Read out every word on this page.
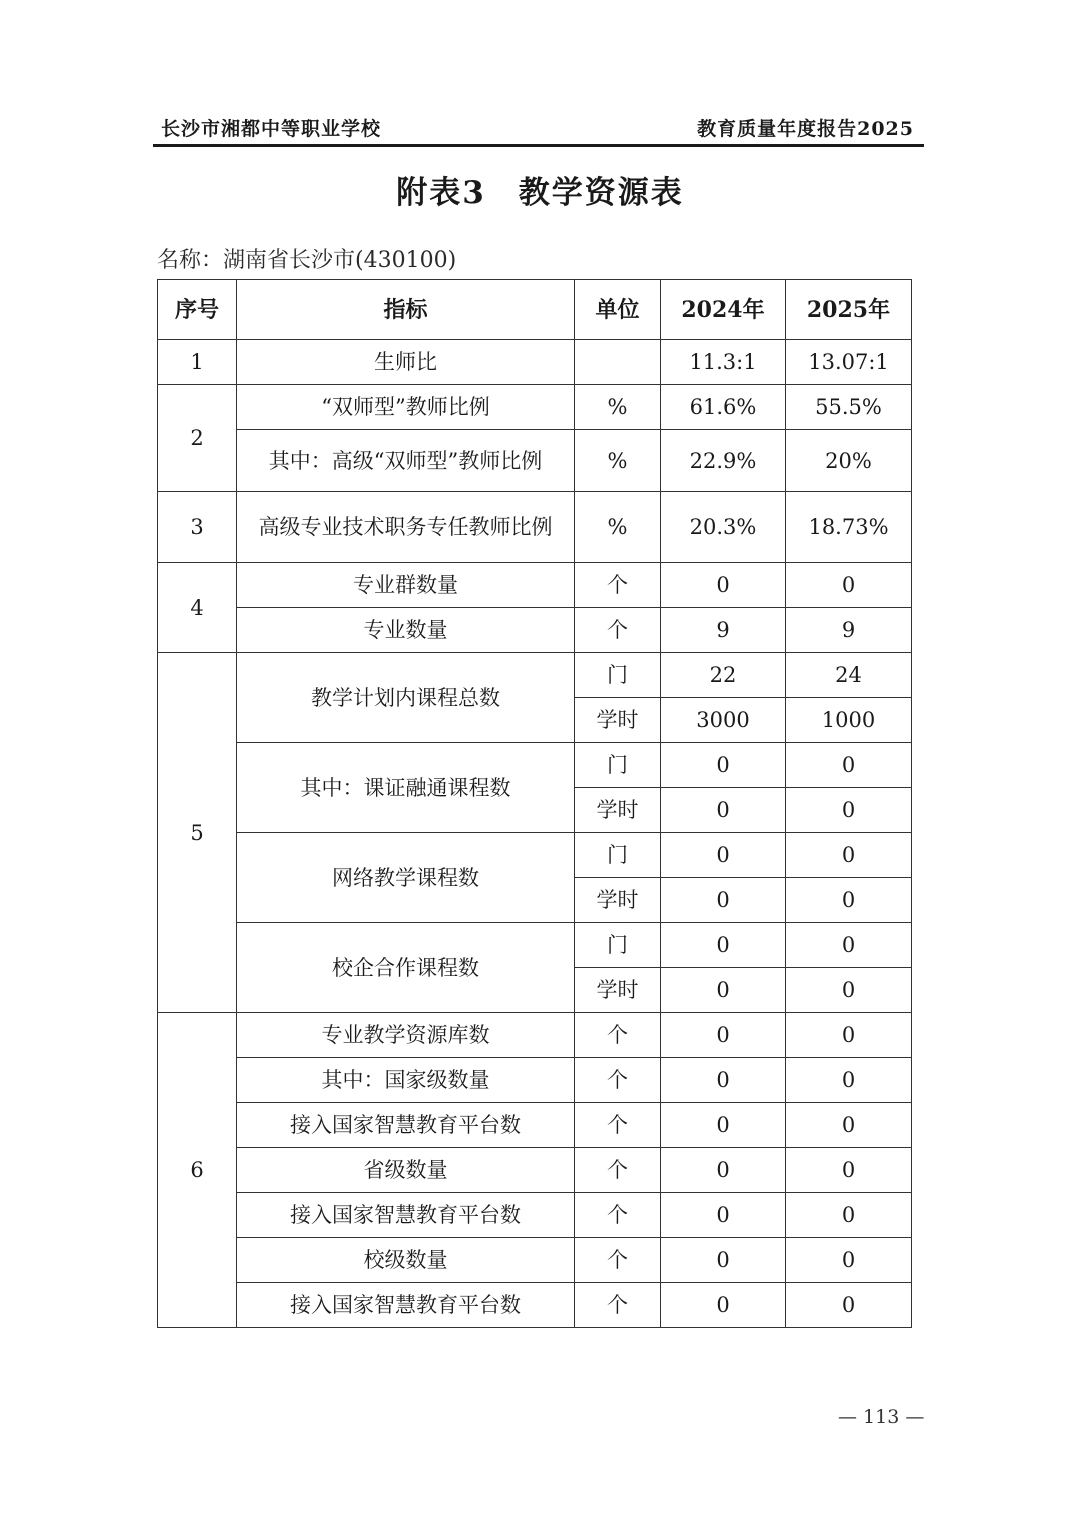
长沙市湘都中等职业学校	教育质量年度报告2025
附表3　教学资源表
名称：湖南省长沙市(430100)
序号	指标	单位	2024年	2025年
1	生师比		11.3:1	13.07:1
2	“双师型”教师比例	%	61.6%	55.5%
	其中：高级“双师型”教师比例	%	22.9%	20%
3	高级专业技术职务专任教师比例	%	20.3%	18.73%
4	专业群数量	个	0	0
	专业数量	个	9	9
5	教学计划内课程总数	门	22	24
		学时	3000	1000
	其中：课证融通课程数	门	0	0
		学时	0	0
	网络教学课程数	门	0	0
		学时	0	0
	校企合作课程数	门	0	0
		学时	0	0
6	专业教学资源库数	个	0	0
	其中：国家级数量	个	0	0
	接入国家智慧教育平台数	个	0	0
	省级数量	个	0	0
	接入国家智慧教育平台数	个	0	0
	校级数量	个	0	0
	接入国家智慧教育平台数	个	0	0
— 113 —
